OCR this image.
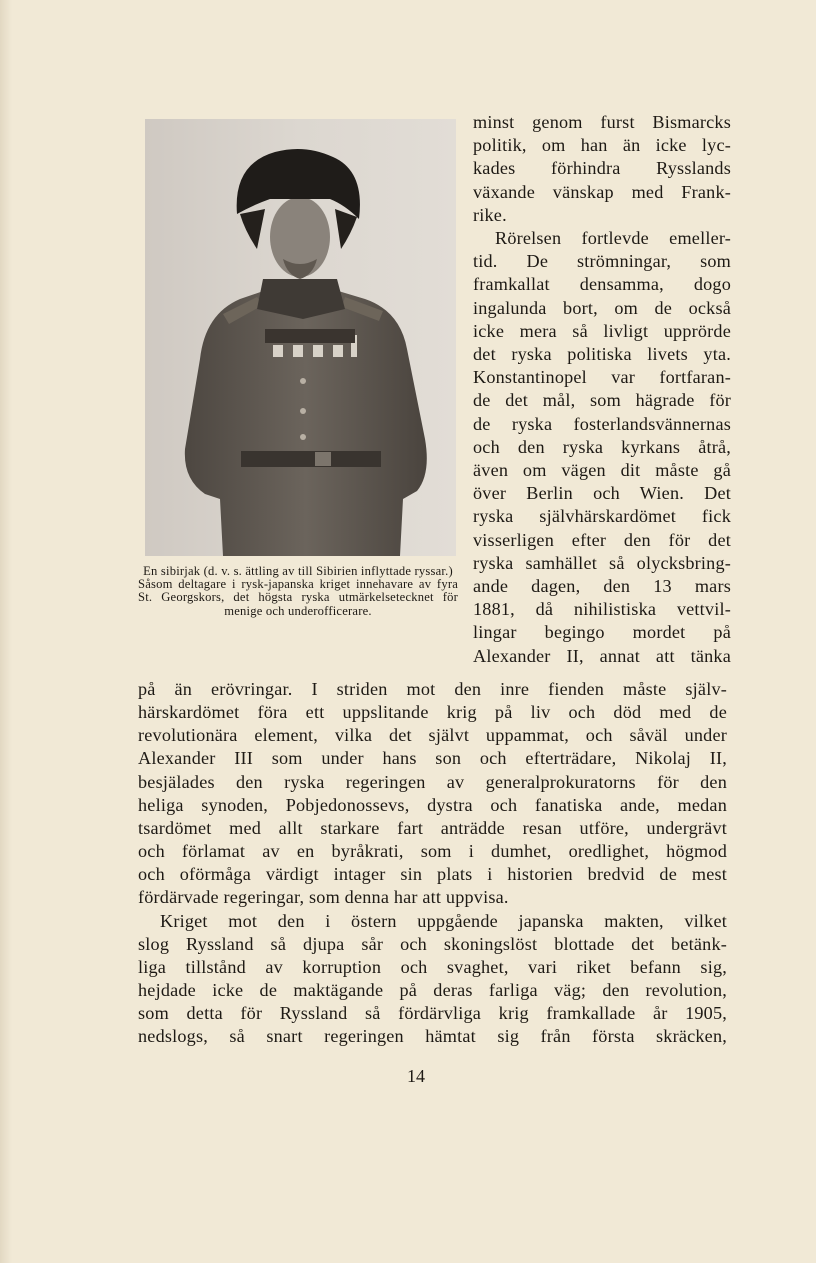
En sibirjak (d. v. s. ättling av till Sibirien inflyttade ryssar.)

Såsom deltagare i rysk-japanska kriget innehavare av fyra St. Georgskors, det högsta ryska utmärkelsetecknet för menige och underofficerare.

minst genom furst Bismarcks
politik, om han än icke lyc-
kades förhindra Rysslands
växande vänskap med Frank-
rike.
Rörelsen fortlevde emeller-
tid. De strömningar, som
framkallat densamma, dogo
ingalunda bort, om de också
icke mera så livligt upprörde
det ryska politiska livets yta.
Konstantinopel var fortfaran-
de det mål, som hägrade för
de ryska fosterlandsvännernas
och den ryska kyrkans åtrå,
även om vägen dit måste gå
över Berlin och Wien. Det
ryska självhärskardömet fick
visserligen efter den för det
ryska samhället så olycksbring-
ande dagen, den 13 mars
1881, då nihilistiska vettvil-
lingar begingo mordet på
Alexander II, annat att tänka
på än erövringar. I striden mot den inre fienden måste själv-
härskardömet föra ett uppslitande krig på liv och död med de
revolutionära element, vilka det självt uppammat, och såväl under
Alexander III som under hans son och efterträdare, Nikolaj II,
besjälades den ryska regeringen av generalprokuratorns för den
heliga synoden, Pobjedonossevs, dystra och fanatiska ande, medan
tsardömet med allt starkare fart anträdde resan utföre, undergrävt
och förlamat av en byråkrati, som i dumhet, oredlighet, högmod
och oförmåga värdigt intager sin plats i historien bredvid de mest
fördärvade regeringar, som denna har att uppvisa.
Kriget mot den i östern uppgående japanska makten, vilket
slog Ryssland så djupa sår och skoningslöst blottade det betänk-
liga tillstånd av korruption och svaghet, vari riket befann sig,
hejdade icke de maktägande på deras farliga väg; den revolution,
som detta för Ryssland så fördärvliga krig framkallade år 1905,
nedslogs, så snart regeringen hämtat sig från första skräcken,
14
